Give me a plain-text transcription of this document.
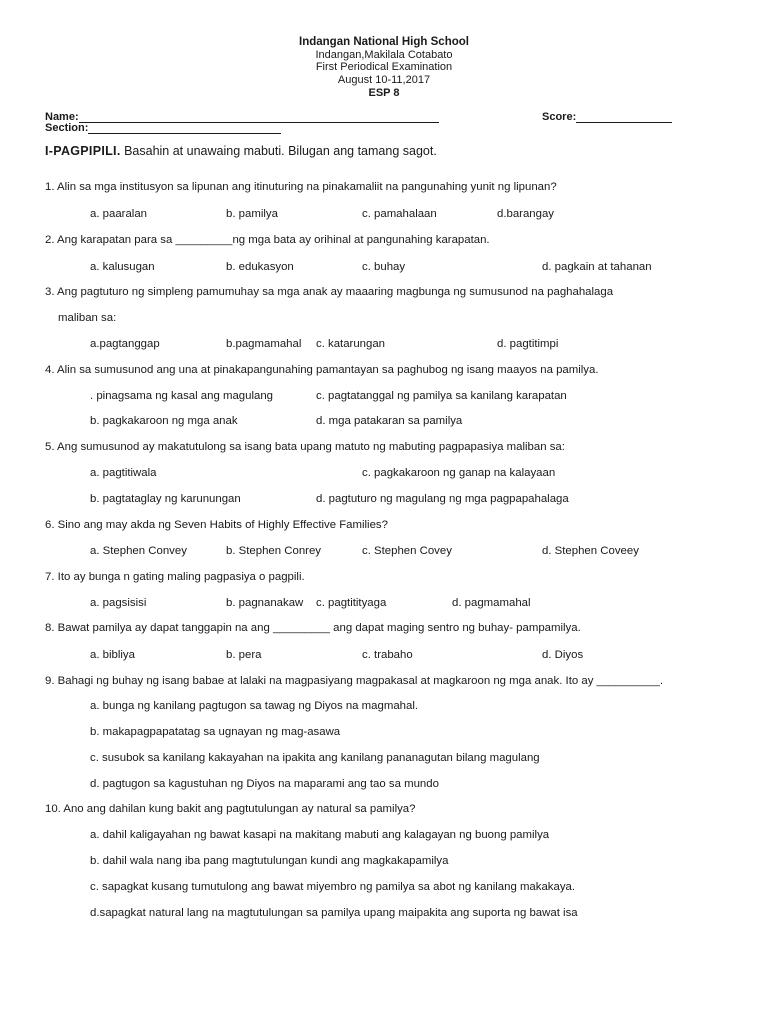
Indangan National High School
Indangan,Makilala Cotabato
First Periodical Examination
August 10-11,2017
ESP 8
Name:	Score:
Section:
I-PAGPIPILI. Basahin at unawaing mabuti. Bilugan ang tamang sagot.
1. Alin sa mga institusyon sa lipunan ang itinuturing na pinakamaliit na pangunahing yunit ng lipunan?
a. paaralan	b. pamilya	c. pamahalaan	d.barangay
2. Ang karapatan para sa _________ng mga bata ay orihinal at pangunahing karapatan.
a. kalusugan	b. edukasyon	c. buhay	d. pagkain at tahanan
3. Ang pagtuturo ng simpleng pamumuhay sa mga anak ay maaaring magbunga ng sumusunod na paghahalaga
maliban sa:
a.pagtanggap	b.pagmamahal c. katarungan	d. pagtitimpi
4. Alin sa sumusunod ang una at pinakapangunahing pamantayan sa paghubog ng isang maayos na pamilya.
. pinagsama ng kasal ang magulang	c. pagtatanggal ng pamilya sa kanilang karapatan
b. pagkakaroon ng mga anak	d. mga patakaran sa pamilya
5. Ang sumusunod ay makatutulong sa isang bata upang matuto ng mabuting pagpapasiya maliban sa:
a. pagtitiwala	c. pagkakaroon ng ganap na kalayaan
b. pagtataglay ng karunungan	d. pagtuturo ng magulang ng mga pagpapahalaga
6. Sino ang may akda ng Seven Habits of Highly Effective Families?
a. Stephen Convey	b. Stephen Conrey	c. Stephen Covey	d. Stephen Coveey
7. Ito ay bunga n gating maling pagpasiya o pagpili.
a. pagsisisi	b. pagnanakaw c. pagtitityaga	d. pagmamahal
8. Bawat pamilya ay dapat tanggapin na ang _________ ang dapat maging sentro ng buhay- pampamilya.
a. bibliya	b. pera	c. trabaho	d. Diyos
9. Bahagi ng buhay ng isang babae at lalaki na magpasiyang magpakasal at magkaroon ng mga anak. Ito ay __________.
a. bunga ng kanilang pagtugon sa tawag ng Diyos na magmahal.
b. makapagpapatatag sa ugnayan ng mag-asawa
c. susubok sa kanilang kakayahan na ipakita ang kanilang pananagutan bilang magulang
d. pagtugon sa kagustuhan ng Diyos na maparami ang tao sa mundo
10. Ano ang dahilan kung bakit ang pagtutulungan ay natural sa pamilya?
a. dahil kaligayahan ng bawat kasapi na makitang mabuti ang kalagayan ng buong pamilya
b. dahil wala nang iba pang magtutulungan kundi ang magkakapamilya
c. sapagkat kusang tumutulong ang bawat miyembro ng pamilya sa abot ng kanilang makakaya.
d.sapagkat natural lang na magtutulungan sa pamilya upang maipakita ang suporta ng bawat isa
